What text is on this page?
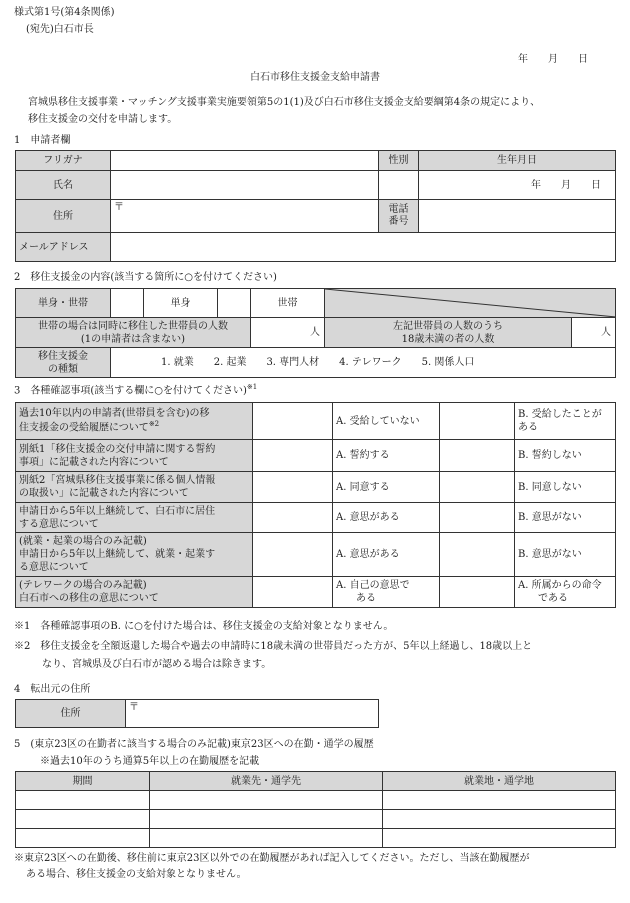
様式第1号(第4条関係)
(宛先)白石市長
年　　月　　日
白石市移住支援金支給申請書
宮城県移住支援事業・マッチング支援事業実施要領第5の1(1)及び白石市移住支援金支給要綱第4条の規定により、
移住支援金の交付を申請します。
1　申請者欄
フリガナ		性別	生年月日
氏名			年　　月　　日
住所	〒	電話
番号	
メールアドレス			
2　移住支援金の内容(該当する箇所に○を付けてください)
単身・世帯		単身		世帯	

世帯の場合は同時に移住した世帯員の人数
(1の申請者は含まない)				人	左記世帯員の人数のうち
18歳未満の者の人数	人
移住支援金
の種類	1. 就業　　2. 起業　　3. 専門人材　　4. テレワーク　　5. 関係人口					
3　各種確認事項(該当する欄に○を付けてください)$^{※1}$
過去10年以内の申請者(世帯員を含む)の移
住支援金の受給履歴について$^{※2}$		A. 受給していない		B. 受給したことが
ある
別紙1「移住支援金の交付申請に関する誓約
事項」に記載された内容について		A. 誓約する		B. 誓約しない
別紙2「宮城県移住支援事業に係る個人情報
の取扱い」に記載された内容について		A. 同意する		B. 同意しない
申請日から5年以上継続して、白石市に居住
する意思について		A. 意思がある		B. 意思がない
(就業・起業の場合のみ記載)
申請日から5年以上継続して、就業・起業す
る意思について		A. 意思がある		B. 意思がない
(テレワークの場合のみ記載)
白石市への移住の意思について		A. 自己の意思で
ある		A. 所属からの命令
である
※1　各種確認事項のB. に○を付けた場合は、移住支援金の支給対象となりません。
※2　移住支援金を全額返還した場合や過去の申請時に18歳未満の世帯員だった方が、5年以上経過し、18歳以上と
なり、宮城県及び白石市が認める場合は除きます。
4　転出元の住所
住所	〒
5　(東京23区の在勤者に該当する場合のみ記載)東京23区への在勤・通学の履歴
※過去10年のうち通算5年以上の在勤履歴を記載
期間	就業先・通学先	就業地・通学地

※東京23区への在勤後、移住前に東京23区以外での在勤履歴があれば記入してください。ただし、当該在勤履歴が
ある場合、移住支援金の支給対象となりません。
